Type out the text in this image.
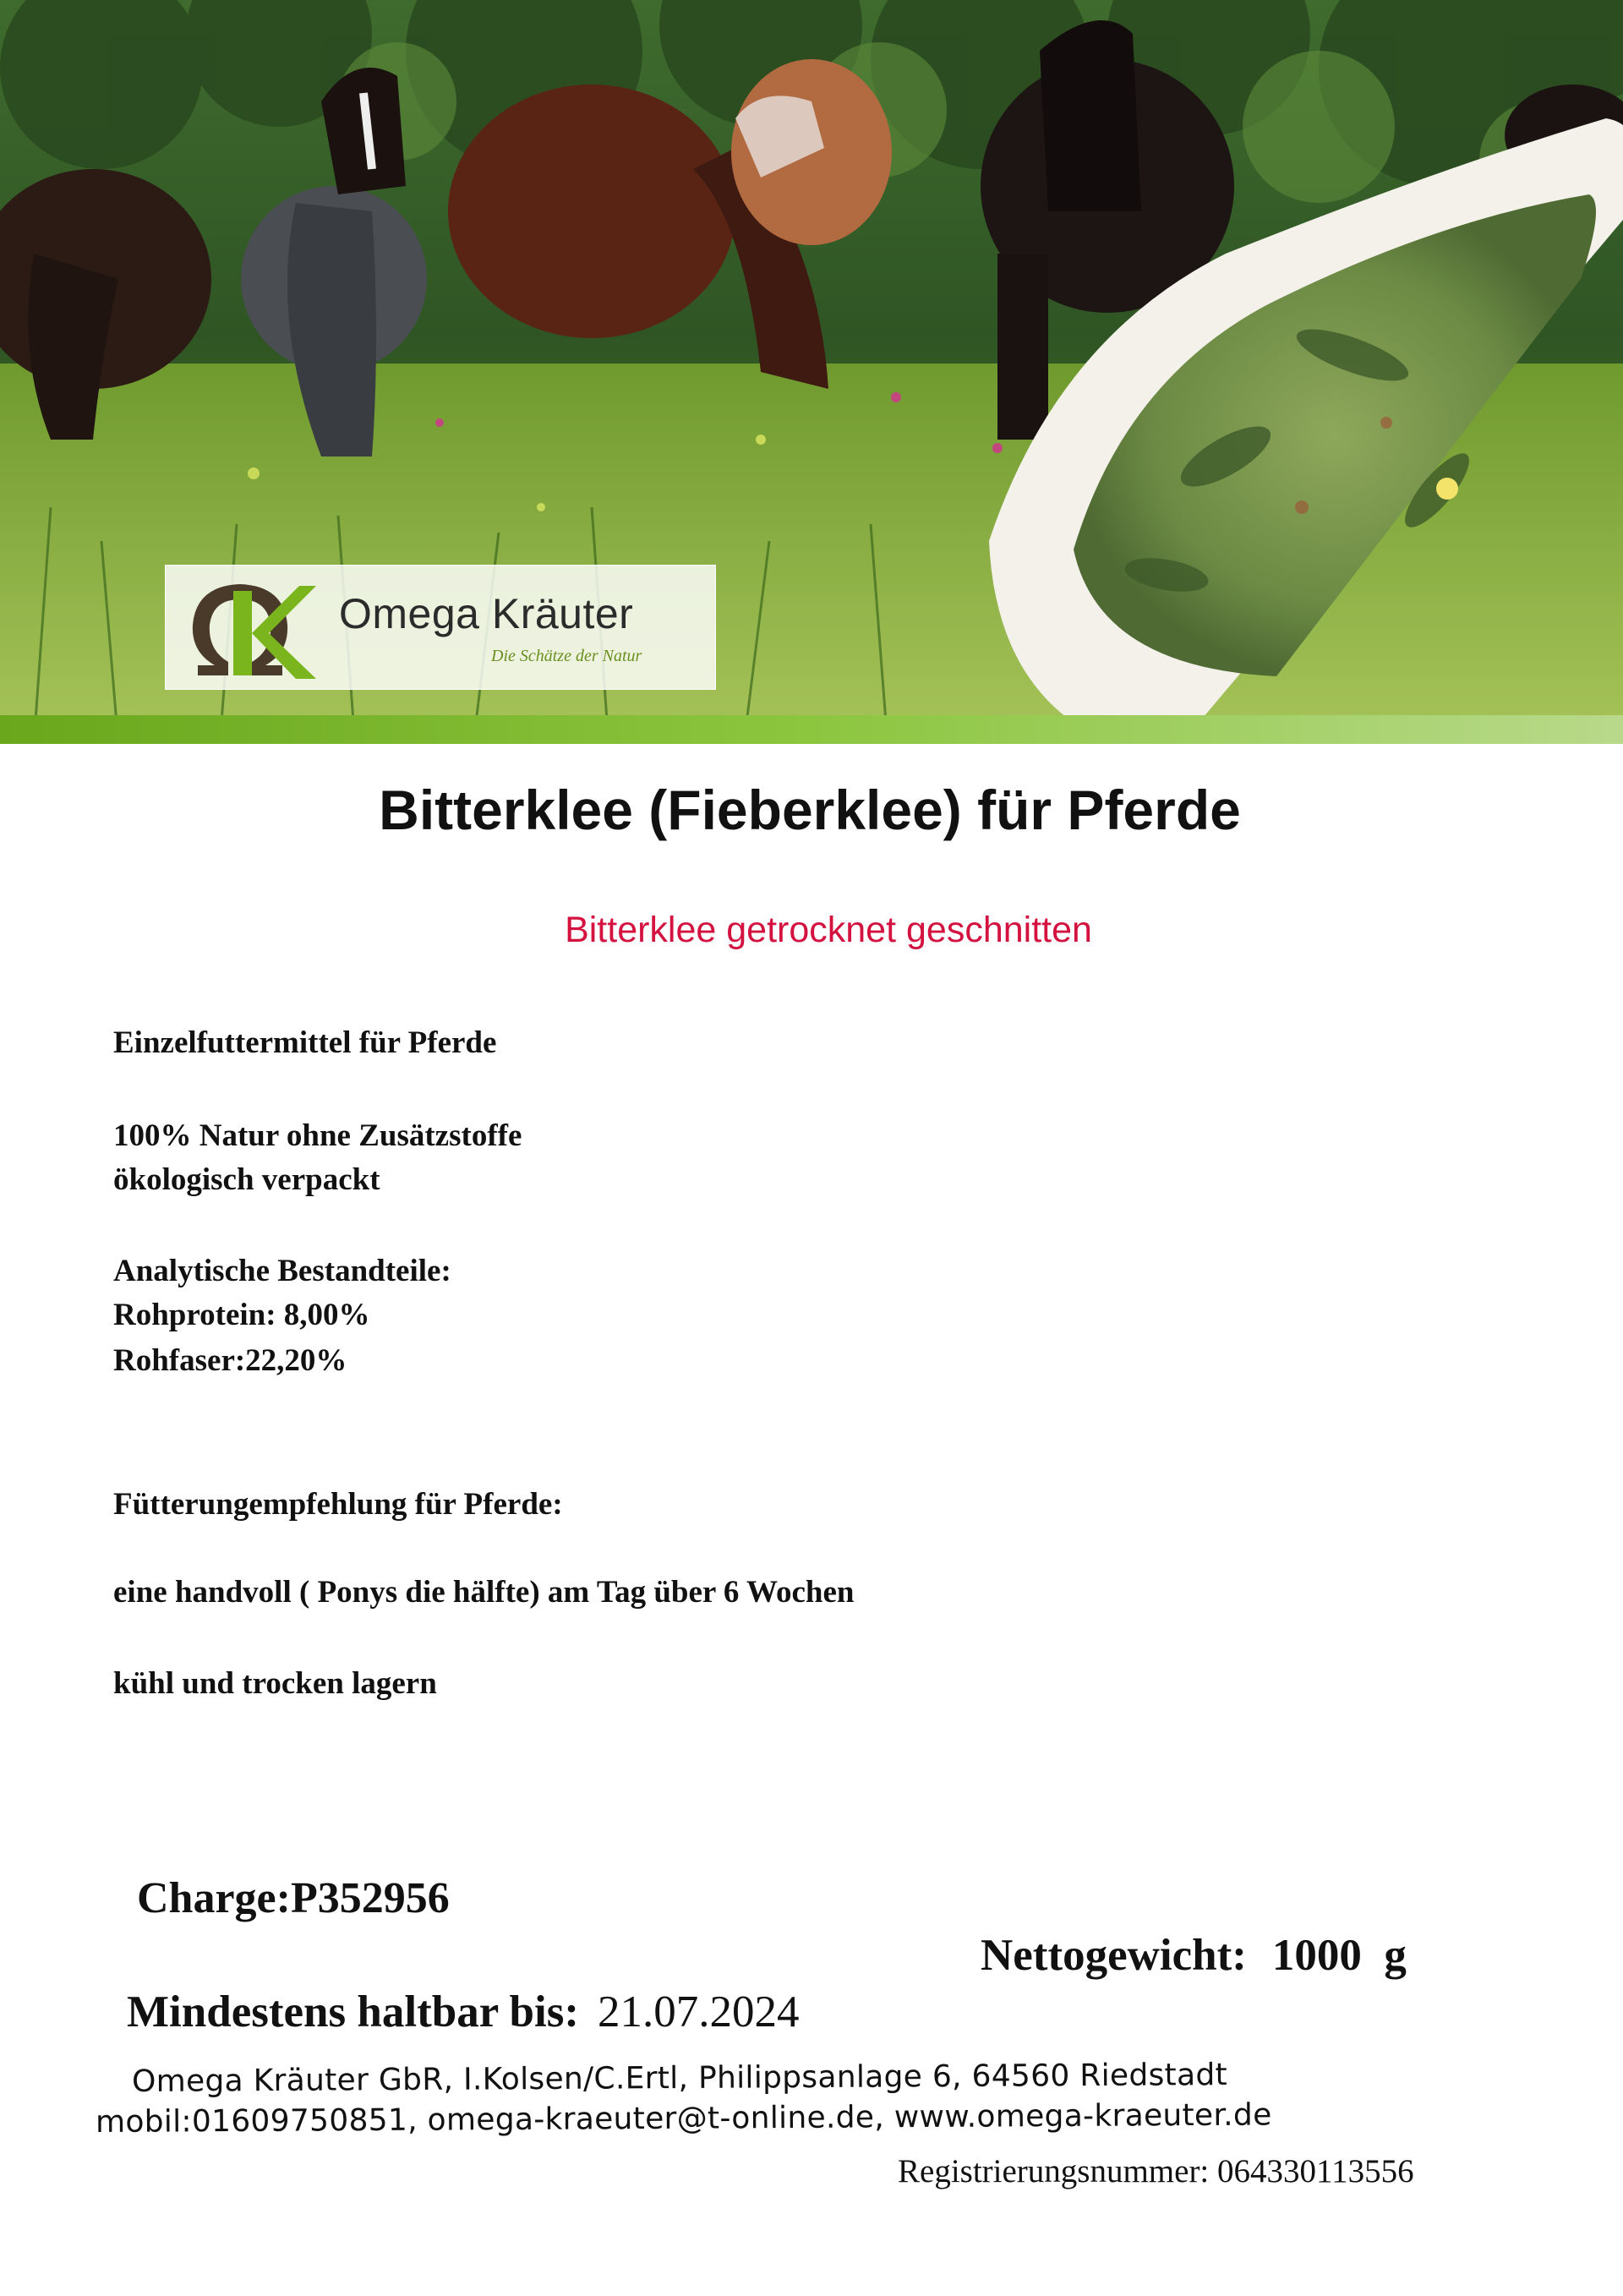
Omega Kräuter
Die Schätze der Natur
Bitterklee (Fieberklee) für Pferde
Bitterklee getrocknet geschnitten
Einzelfuttermittel für Pferde
100% Natur ohne Zusätzstoffe
ökologisch verpackt
Analytische Bestandteile:
Rohprotein: 8,00%
Rohfaser:22,20%
Fütterungempfehlung für Pferde:
eine handvoll ( Ponys die hälfte) am Tag über 6 Wochen
kühl und trocken lagern
Charge:P352956
Nettogewicht: 1000  g
Mindestens haltbar bis: 21.07.2024
Omega Kräuter GbR, I.Kolsen/C.Ertl, Philippsanlage 6, 64560 Riedstadt
mobil:01609750851, omega-kraeuter@t-online.de, www.omega-kraeuter.de
Registrierungsnummer: 064330113556
